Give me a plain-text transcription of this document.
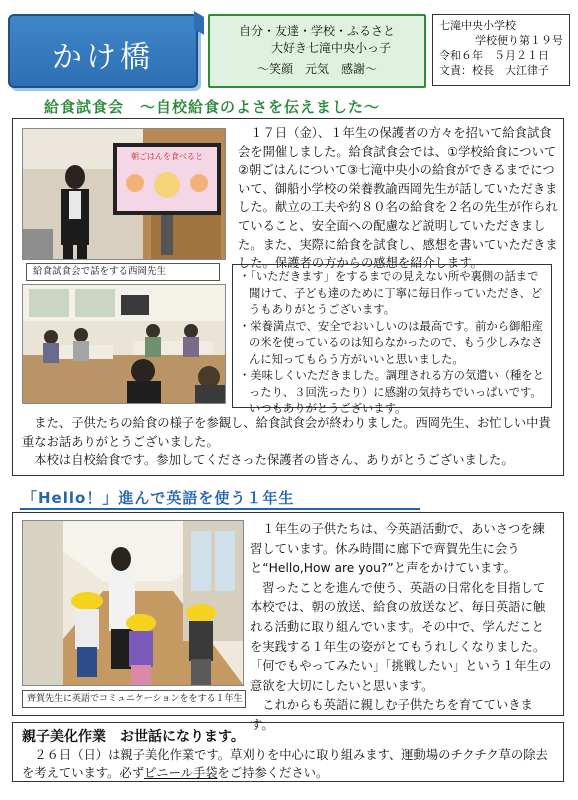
かけ橋
自分・友達・学校・ふるさと
大好き七滝中央小っ子
〜笑顔　元気　感謝〜
七滝中央小学校
学校便り第１９号
令和６年　５月２１日
文責：校長　大江律子
給食試食会　〜自校給食のよさを伝えました〜
朝ごはんを食べると
給食試食会で話をする西岡先生
１７日（金）、１年生の保護者の方々を招いて給食試食会を開催しました。給食試食会では、①学校給食について②朝ごはんについて③七滝中央小の給食ができるまでについて、御船小学校の栄養教諭西岡先生が話していただきました。献立の工夫や約８０名の給食を２名の先生が作られていること、安全面への配慮など説明していただきました。また、実際に給食を試食し、感想を書いていただきました。保護者の方からの感想を紹介します。
・「いただきます」をするまでの見えない所や裏側の話まで聞けて、子ども達のために丁寧に毎日作っていただき、どうもありがとうございます。
・栄養満点で、安全でおいしいのは最高です。前から御船産の米を使っているのは知らなかったので、もう少しみなさんに知ってもらう方がいいと思いました。
・美味しくいただきました。調理される方の気遣い（種をとったり、３回洗ったり）に感謝の気持ちでいっぱいです。いつもありがとうございます。

また、子供たちの給食の様子を参観し、給食試食会が終わりました。西岡先生、お忙しい中貴重なお話ありがとうございました。

本校は自校給食です。参加してくださった保護者の皆さん、ありがとうございました。

「Hello！」進んで英語を使う１年生
齊賀先生に英語でコミュニケーションををする１年生

１年生の子供たちは、今英語活動で、あいさつを練習しています。休み時間に廊下で齊賀先生に会うと“Hello,How are you?”と声をかけています。

習ったことを進んで使う、英語の日常化を目指して本校では、朝の放送、給食の放送など、毎日英語に触れる活動に取り組んでいます。その中で、学んだことを実践する１年生の姿がとてもうれしくなりました。「何でもやってみたい」「挑戦したい」という１年生の意欲を大切にしたいと思います。

これからも英語に親しむ子供たちを育てていきます。

親子美化作業　お世話になります。
２６日（日）は親子美化作業です。草刈りを中心に取り組みます、運動場のチクチク草の除去を考えています。必ずビニール手袋をご持参ください。
